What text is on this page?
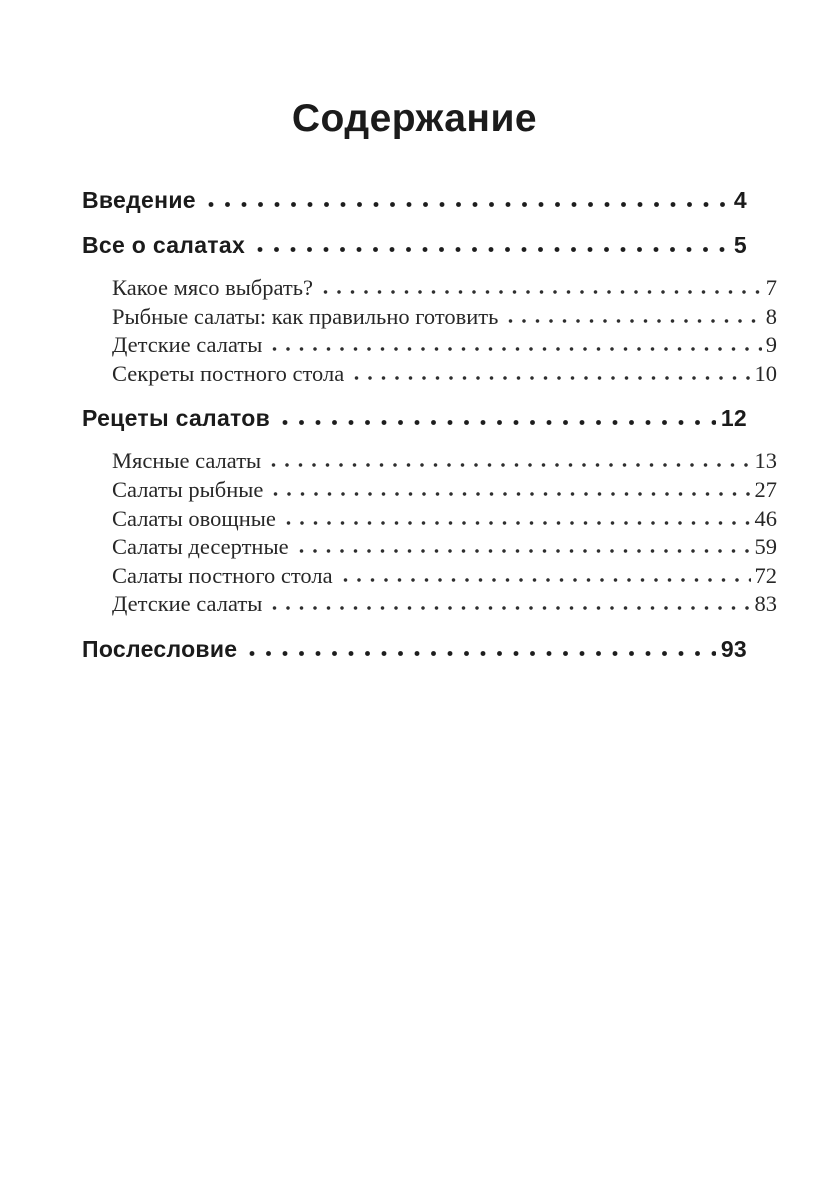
Содержание
Введение	4
Все о салатах	5
Какое мясо выбрать?	7
Рыбные салаты: как правильно готовить	8
Детские салаты	9
Секреты постного стола	10
Рецеты салатов	12
Мясные салаты	13
Салаты рыбные	27
Салаты овощные	46
Салаты десертные	59
Салаты постного стола	72
Детские салаты	83
Послесловие	93
